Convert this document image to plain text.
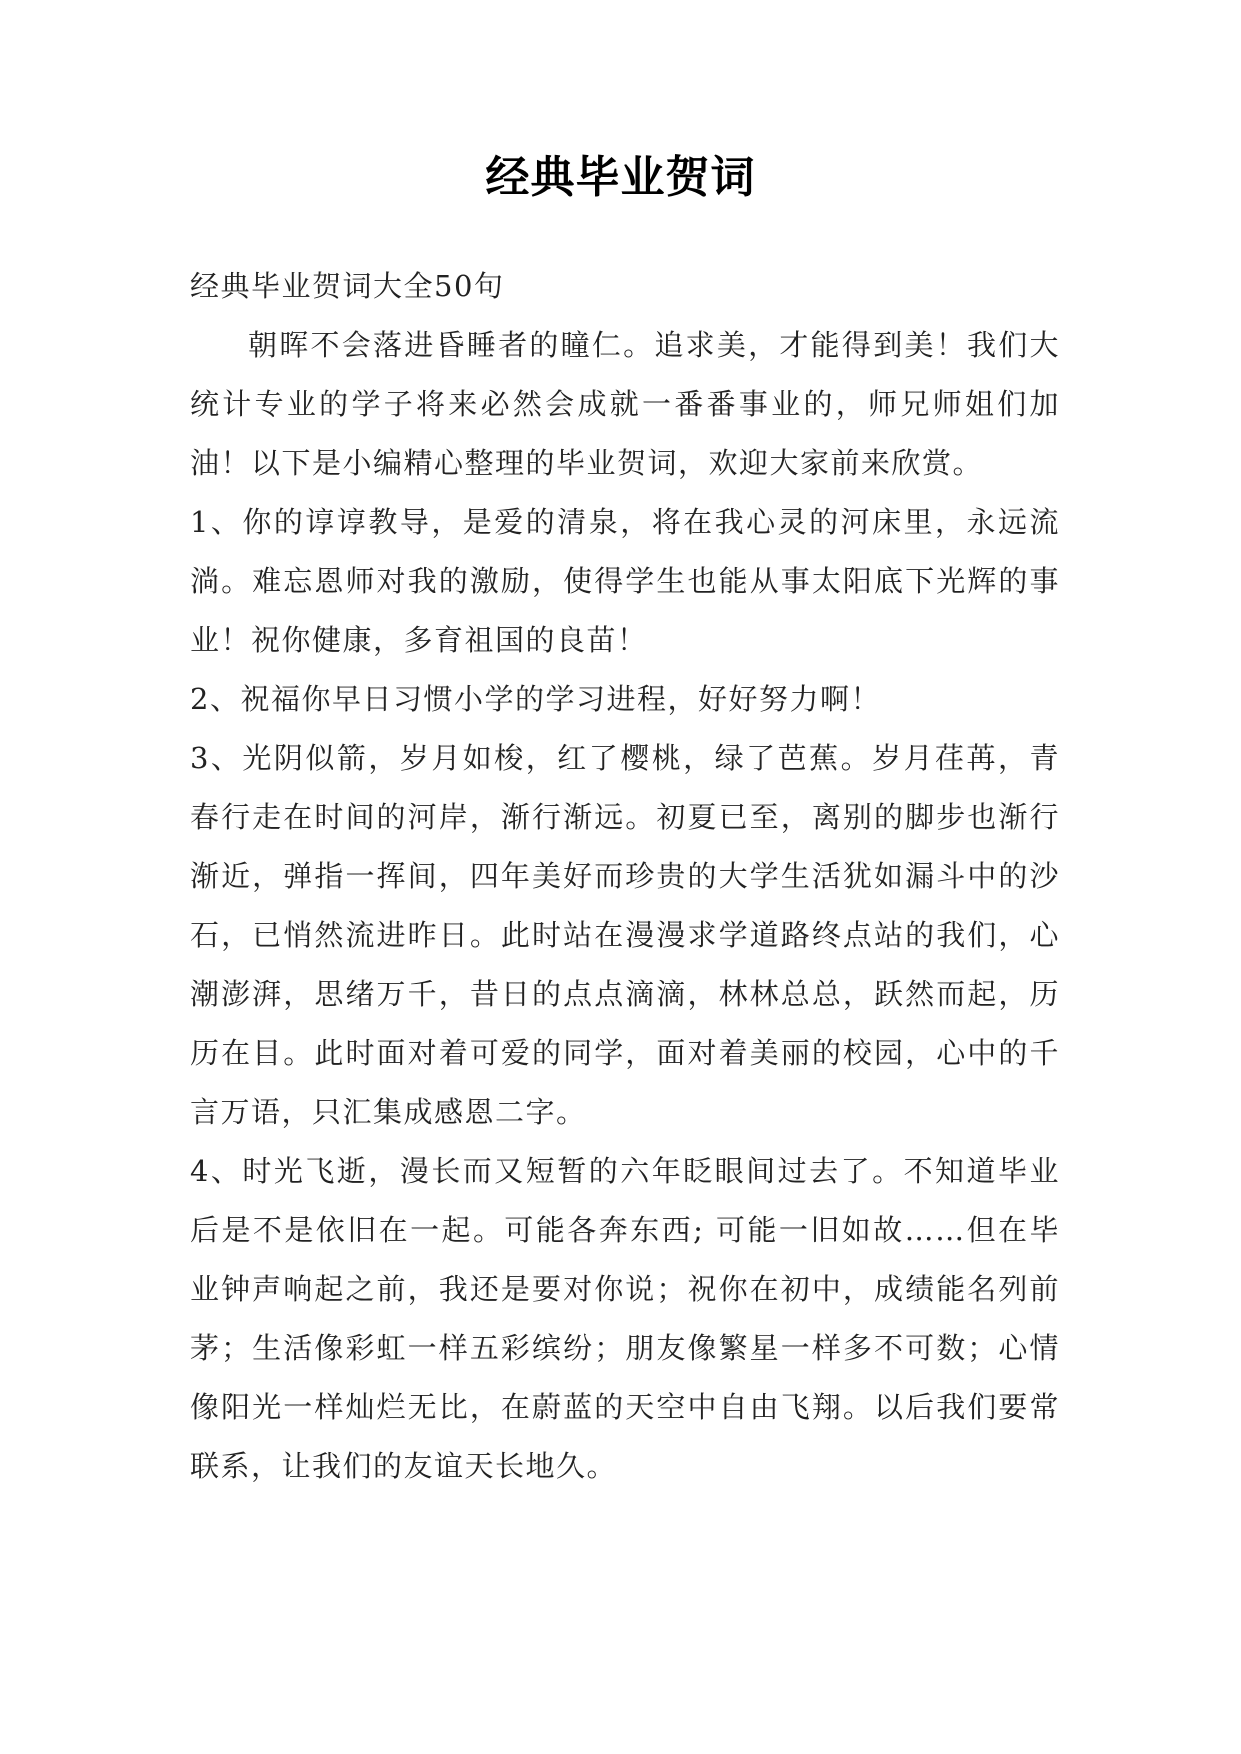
经典毕业贺词

经典毕业贺词大全50句

朝晖不会落进昏睡者的瞳仁。追求美，才能得到美！我们大统计专业的学子将来必然会成就一番番事业的，师兄师姐们加油！以下是小编精心整理的毕业贺词，欢迎大家前来欣赏。

1、你的谆谆教导，是爱的清泉，将在我心灵的河床里，永远流淌。难忘恩师对我的激励，使得学生也能从事太阳底下光辉的事业！祝你健康，多育祖国的良苗！

2、祝福你早日习惯小学的学习进程，好好努力啊！

3、光阴似箭，岁月如梭，红了樱桃，绿了芭蕉。岁月荏苒，青春行走在时间的河岸，渐行渐远。初夏已至，离别的脚步也渐行渐近，弹指一挥间，四年美好而珍贵的大学生活犹如漏斗中的沙石，已悄然流进昨日。此时站在漫漫求学道路终点站的我们，心潮澎湃，思绪万千，昔日的点点滴滴，林林总总，跃然而起，历历在目。此时面对着可爱的同学，面对着美丽的校园，心中的千言万语，只汇集成感恩二字。

4、时光飞逝，漫长而又短暂的六年眨眼间过去了。不知道毕业后是不是依旧在一起。可能各奔东西; 可能一旧如故……但在毕业钟声响起之前，我还是要对你说；祝你在初中，成绩能名列前茅；生活像彩虹一样五彩缤纷；朋友像繁星一样多不可数；心情像阳光一样灿烂无比，在蔚蓝的天空中自由飞翔。以后我们要常联系，让我们的友谊天长地久。
